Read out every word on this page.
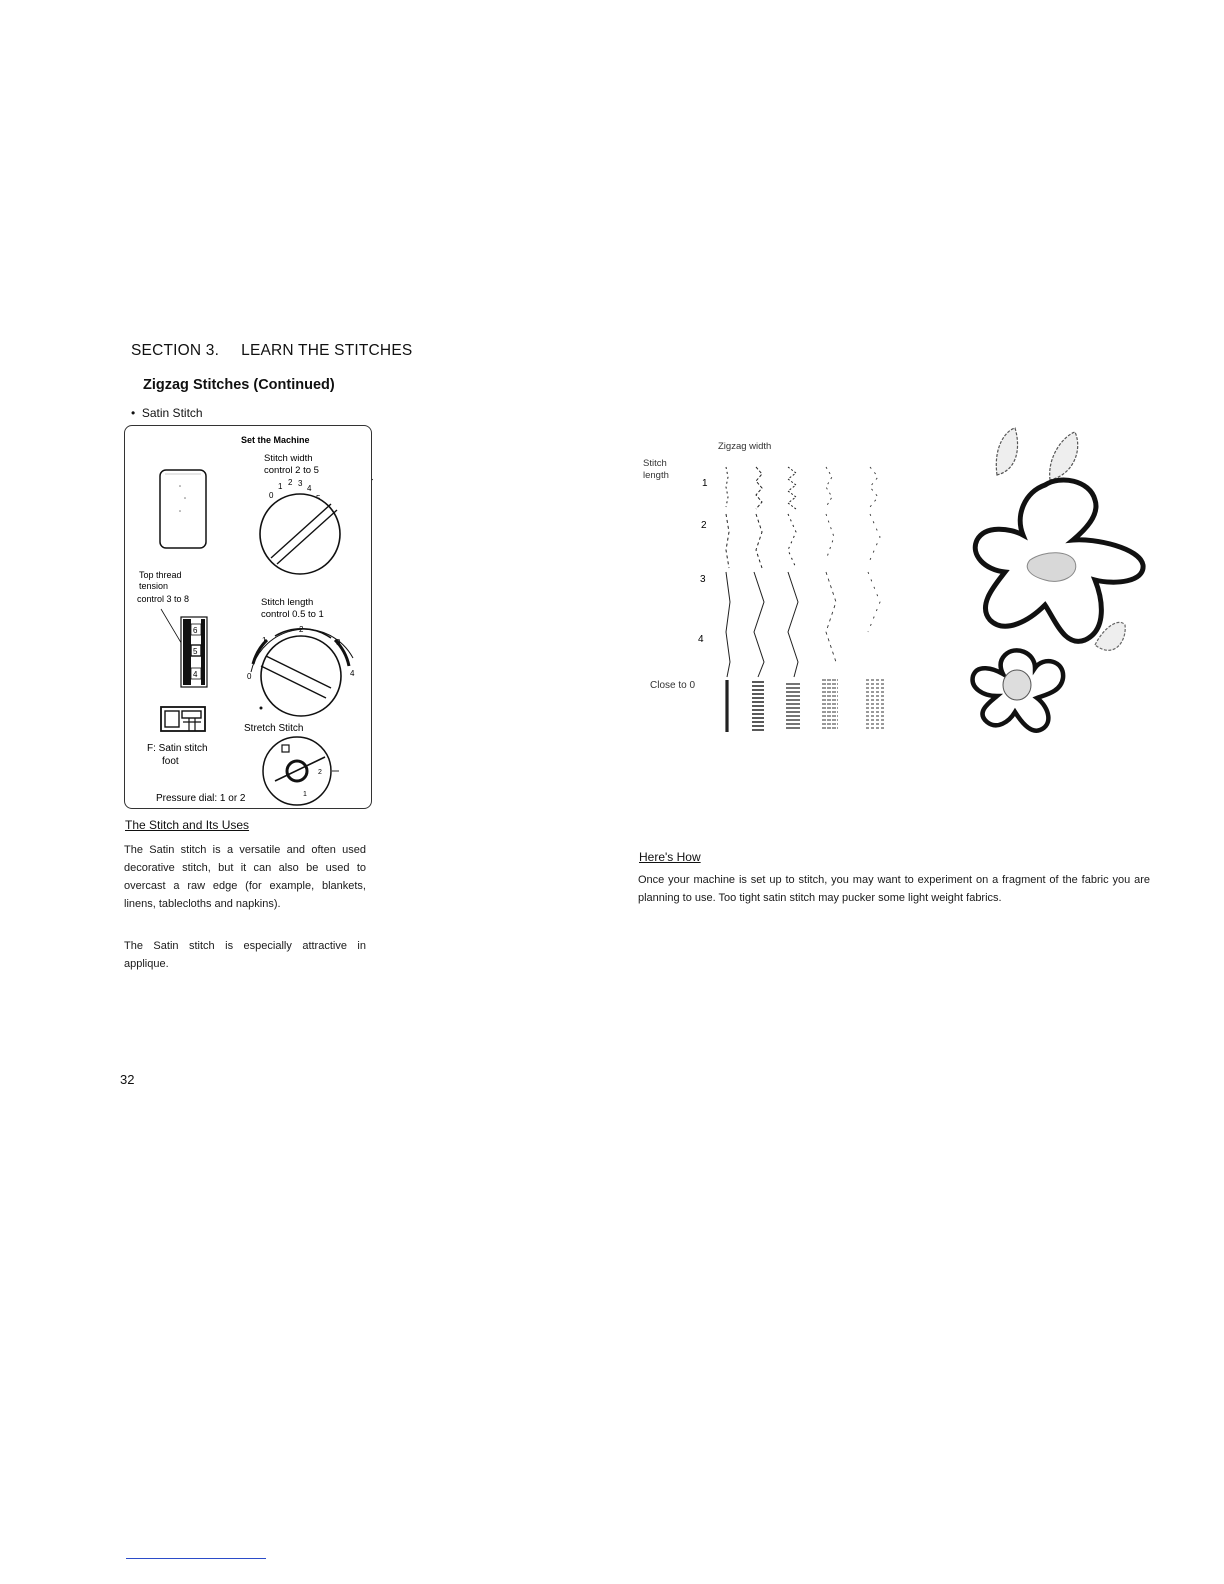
SECTION 3. LEARN THE STITCHES
Zigzag Stitches (Continued)
•  Satin Stitch
Set the Machine
Stitch width
control 2 to 5
0
1 2 3
4
Top thread
tension
control 3 to 8
6
5
4
Stitch length
control 0.5 to 1
1
2
3
4
0
Stretch Stitch
F: Satin stitch
foot
2
1
Pressure dial: 1 or 2
The Stitch and Its Uses
The Satin stitch is a versatile and often used decorative stitch, but it can also be used to overcast a raw edge (for example, blankets, linens, tablecloths and napkins).
The Satin stitch is especially attractive in applique.
Zigzag width
Stitch
length
1
2
3
4
Close to 0
Here's How
Once your machine is set up to stitch, you may want to experiment on a fragment of the fabric you are planning to use. Too tight satin stitch may pucker some light weight fabrics.
32
